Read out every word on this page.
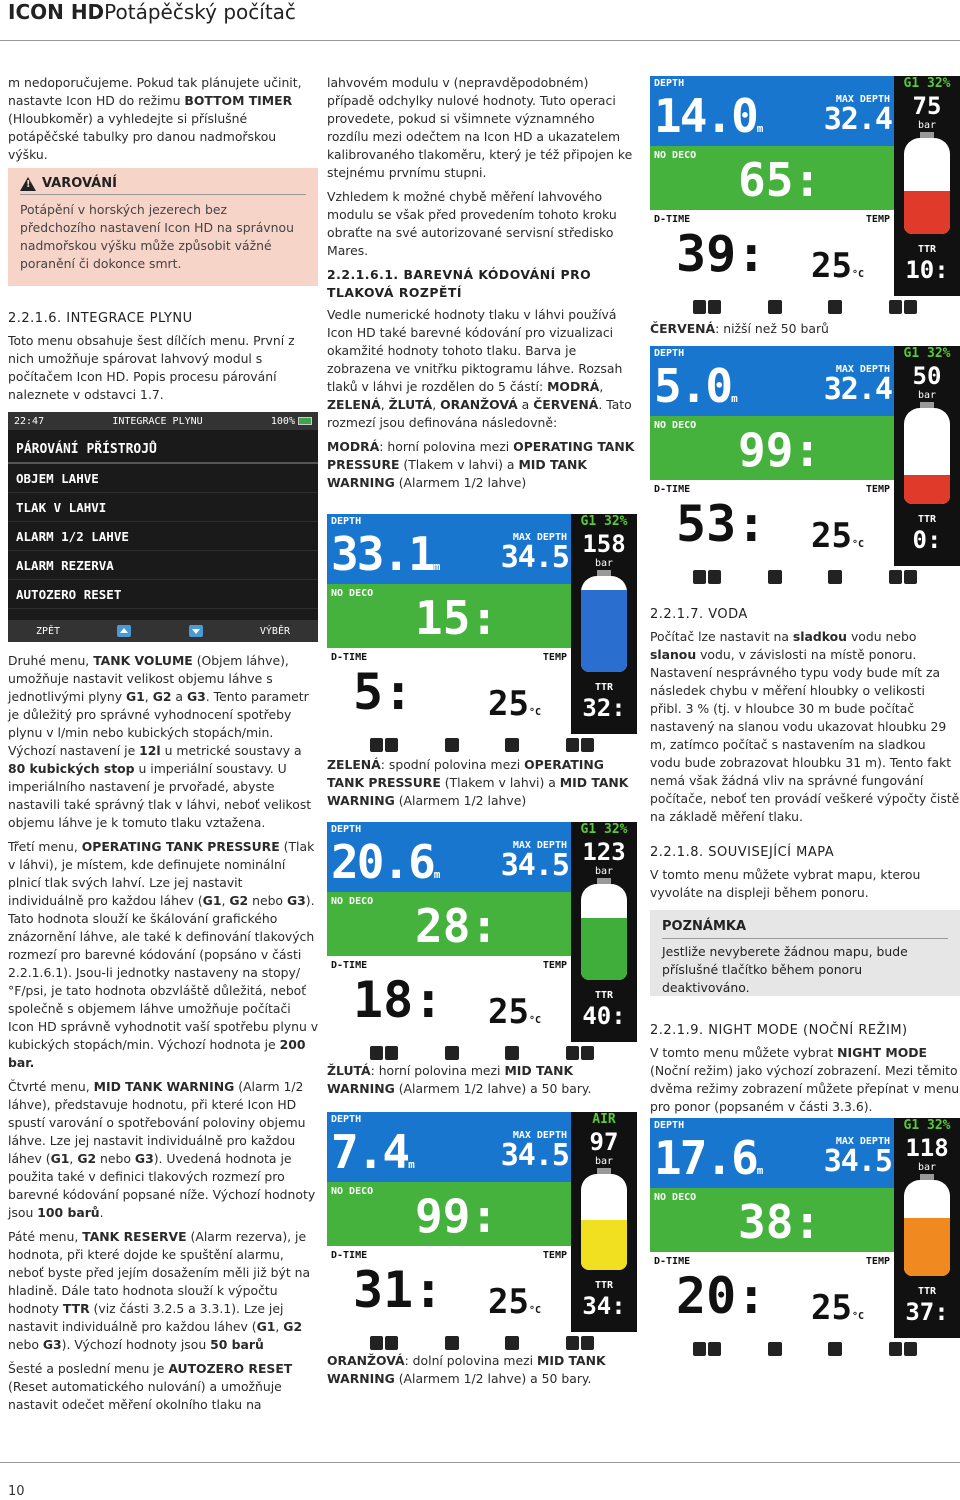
ICON HDPotápěčský počítač

m nedoporučujeme. Pokud tak plánujete učinit, nastavte Icon HD do režimu BOTTOM TIMER (Hloubkoměr) a vyhledejte si příslušné potápěčské tabulky pro danou nadmořskou výšku.

!
VAROVÁNÍ
Potápění v horských jezerech bez předchozího nastavení Icon HD na správnou nadmořskou výšku může způsobit vážné poranění či dokonce smrt.
2.2.1.6. INTEGRACE PLYNU

Toto menu obsahuje šest dílčích menu. První z nich umožňuje spárovat lahvový modul s počítačem Icon HD. Popis procesu párování naleznete v odstavci 1.7.

22:47	INTEGRACE PLYNU	100%
PÁROVÁNÍ PŘÍSTROJŮ
OBJEM LAHVE
TLAK V LAHVI
ALARM 1/2 LAHVE
ALARM REZERVA
AUTOZERO RESET
ZPĚT	VÝBĚR

Druhé menu, TANK VOLUME (Objem láhve), umožňuje nastavit velikost objemu láhve s jednotlivými plyny G1, G2 a G3. Tento parametr je důležitý pro správné vyhodnocení spotřeby plynu v l/min nebo kubických stopách/min. Výchozí nastavení je 12l u metrické soustavy a 80 kubických stop u imperiální soustavy. U imperiálního nastavení je prvořadé, abyste nastavili také správný tlak v láhvi, neboť velikost objemu láhve je k tomuto tlaku vztažena.

Třetí menu, OPERATING TANK PRESSURE (Tlak v láhvi), je místem, kde definujete nominální plnicí tlak svých lahví. Lze jej nastavit individuálně pro každou láhev (G1, G2 nebo G3). Tato hodnota slouží ke škálování grafického znázornění láhve, ale také k definování tlakových rozmezí pro barevné kódování (popsáno v části 2.2.1.6.1). Jsou-li jednotky nastaveny na stopy/°F/psi, je tato hodnota obzvláště důležitá, neboť společně s objemem láhve umožňuje počítači Icon HD správně vyhodnotit vaší spotřebu plynu v kubických stopách/min. Výchozí hodnota je 200 bar.

Čtvrté menu, MID TANK WARNING (Alarm 1/2 láhve), představuje hodnotu, při které Icon HD spustí varování o spotřebování poloviny objemu láhve. Lze jej nastavit individuálně pro každou láhev (G1, G2 nebo G3). Uvedená hodnota je použita také v definici tlakových rozmezí pro barevné kódování popsané níže. Výchozí hodnoty jsou 100 barů.

Páté menu, TANK RESERVE (Alarm rezerva), je hodnota, při které dojde ke spuštění alarmu, neboť byste před jejím dosažením měli již být na hladině. Dále tato hodnota slouží k výpočtu hodnoty TTR (viz části 3.2.5 a 3.3.1). Lze jej nastavit individuálně pro každou láhev (G1, G2 nebo G3). Výchozí hodnoty jsou 50 barů

Šesté a poslední menu je AUTOZERO RESET (Reset automatického nulování) a umožňuje nastavit odečet měření okolního tlaku na

lahvovém modulu v (nepravděpodobném) případě odchylky nulové hodnoty. Tuto operaci provedete, pokud si všimnete významného rozdílu mezi odečtem na Icon HD a ukazatelem kalibrovaného tlakoměru, který je též připojen ke stejnému prvnímu stupni.

Vzhledem k možné chybě měření lahvového modulu se však před provedením tohoto kroku obraťte na své autorizované servisní středisko Mares.

2.2.1.6.1. BAREVNÁ KÓDOVÁNÍ PRO TLAKOVÁ ROZPĚTÍ

Vedle numerické hodnoty tlaku v láhvi používá Icon HD také barevné kódování pro vizualizaci okamžité hodnoty tohoto tlaku. Barva je zobrazena ve vnitřku piktogramu láhve. Rozsah tlaků v láhvi je rozdělen do 5 částí: MODRÁ, ZELENÁ, ŽLUTÁ, ORANŽOVÁ a ČERVENÁ. Tato rozmezí jsou definována následovně:

MODRÁ: horní polovina mezi OPERATING TANK PRESSURE (Tlakem v lahvi) a MID TANK WARNING (Alarmem 1/2 lahve)

ZELENÁ: spodní polovina mezi OPERATING TANK PRESSURE (Tlakem v lahvi) a MID TANK WARNING (Alarmem 1/2 lahve)

ŽLUTÁ: horní polovina mezi MID TANK WARNING (Alarmem 1/2 lahve) a 50 bary.

ORANŽOVÁ: dolní polovina mezi MID TANK WARNING (Alarmem 1/2 lahve) a 50 bary.

ČERVENÁ: nižší než 50 barů

2.2.1.7. VODA

Počítač lze nastavit na sladkou vodu nebo slanou vodu, v závislosti na místě ponoru. Nastavení nesprávného typu vody bude mít za následek chybu v měření hloubky o velikosti přibl. 3 % (tj. v hloubce 30 m bude počítač nastavený na slanou vodu ukazovat hloubku 29 m, zatímco počítač s nastavením na sladkou vodu bude zobrazovat hloubku 31 m). Tento fakt nemá však žádná vliv na správné fungování počítače, neboť ten provádí veškeré výpočty čistě na základě měření tlaku.

2.2.1.8. SOUVISEJÍCÍ MAPA

V tomto menu můžete vybrat mapu, kterou vyvoláte na displeji během ponoru.

POZNÁMKA
Jestliže nevyberete žádnou mapu, bude příslušné tlačítko během ponoru deaktivováno.
2.2.1.9. NIGHT MODE (NOČNÍ REŽIM)

V tomto menu můžete vybrat NIGHT MODE (Noční režim) jako výchozí zobrazení. Mezi těmito dvěma režimy zobrazení můžete přepínat v menu pro ponor (popsaném v části 3.3.6).

DEPTH
MAX DEPTH
14.0m 32.4
NO DECO 65:
D-TIME	TEMP
39: 25°C
G1 32%
75
bar
TTR
10:
DEPTH
MAX DEPTH
5.0m	32.4
NO DECO 99:
D-TIME	TEMP
53: 25°C
G1 32%
50
bar
TTR
0:
DEPTH
MAX DEPTH
33.1m 34.5
NO DECO 15:
D-TIME	TEMP
5: 25°C
G1 32%
158
bar
TTR
32:
DEPTH
MAX DEPTH
20.6m 34.5
NO DECO 28:
D-TIME	TEMP
18: 25°C
G1 32%
123
bar
TTR
40:
DEPTH
MAX DEPTH
7.4m	34.5
NO DECO 99:
D-TIME	TEMP
31: 25°C
AIR
97
bar
TTR
34:
DEPTH
MAX DEPTH
17.6m 34.5
NO DECO 38:
D-TIME	TEMP
20: 25°C
G1 32%
118
bar
TTR
37:
10
